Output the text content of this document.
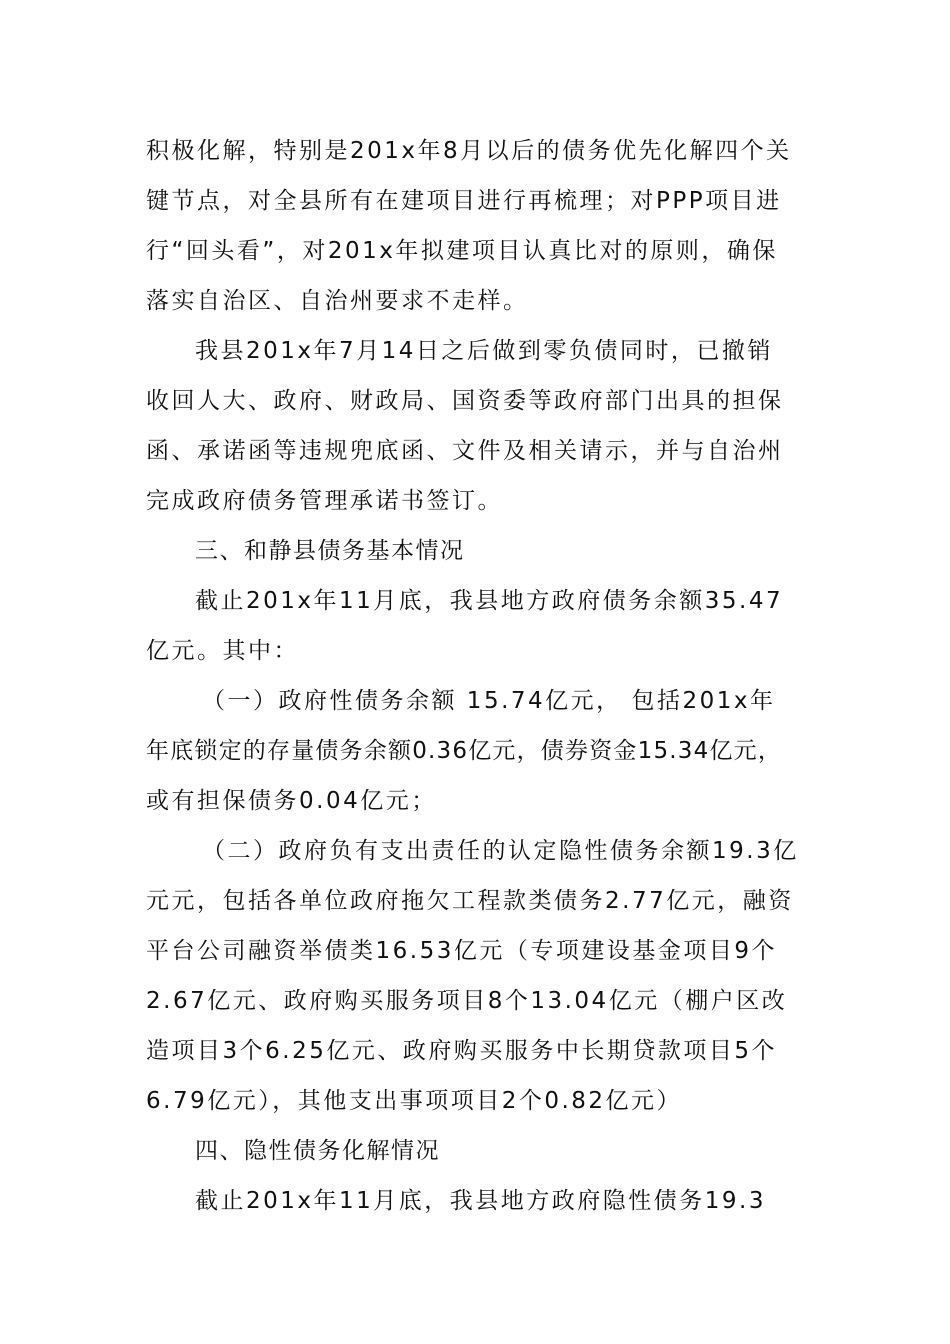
积极化解，特别是201x年8月以后的债务优先化解四个关
键节点，对全县所有在建项目进行再梳理；对PPP项目进
行“回头看”，对201x年拟建项目认真比对的原则，确保
落实自治区、自治州要求不走样。
我县201x年7月14日之后做到零负债同时，已撤销
收回人大、政府、财政局、国资委等政府部门出具的担保
函、承诺函等违规兜底函、文件及相关请示，并与自治州
完成政府债务管理承诺书签订。
三、和静县债务基本情况
截止201x年11月底，我县地方政府债务余额35.47
亿元。其中：
（一）政府性债务余额 15.74亿元， 包括201x年
年底锁定的存量债务余额0.36亿元，债券资金15.34亿元，
或有担保债务0.04亿元；
（二）政府负有支出责任的认定隐性债务余额19.3亿
元元，包括各单位政府拖欠工程款类债务2.77亿元，融资
平台公司融资举债类16.53亿元（专项建设基金项目9个
2.67亿元、政府购买服务项目8个13.04亿元（棚户区改
造项目3个6.25亿元、政府购买服务中长期贷款项目5个
6.79亿元），其他支出事项项目2个0.82亿元）
四、隐性债务化解情况
截止201x年11月底，我县地方政府隐性债务19.3
